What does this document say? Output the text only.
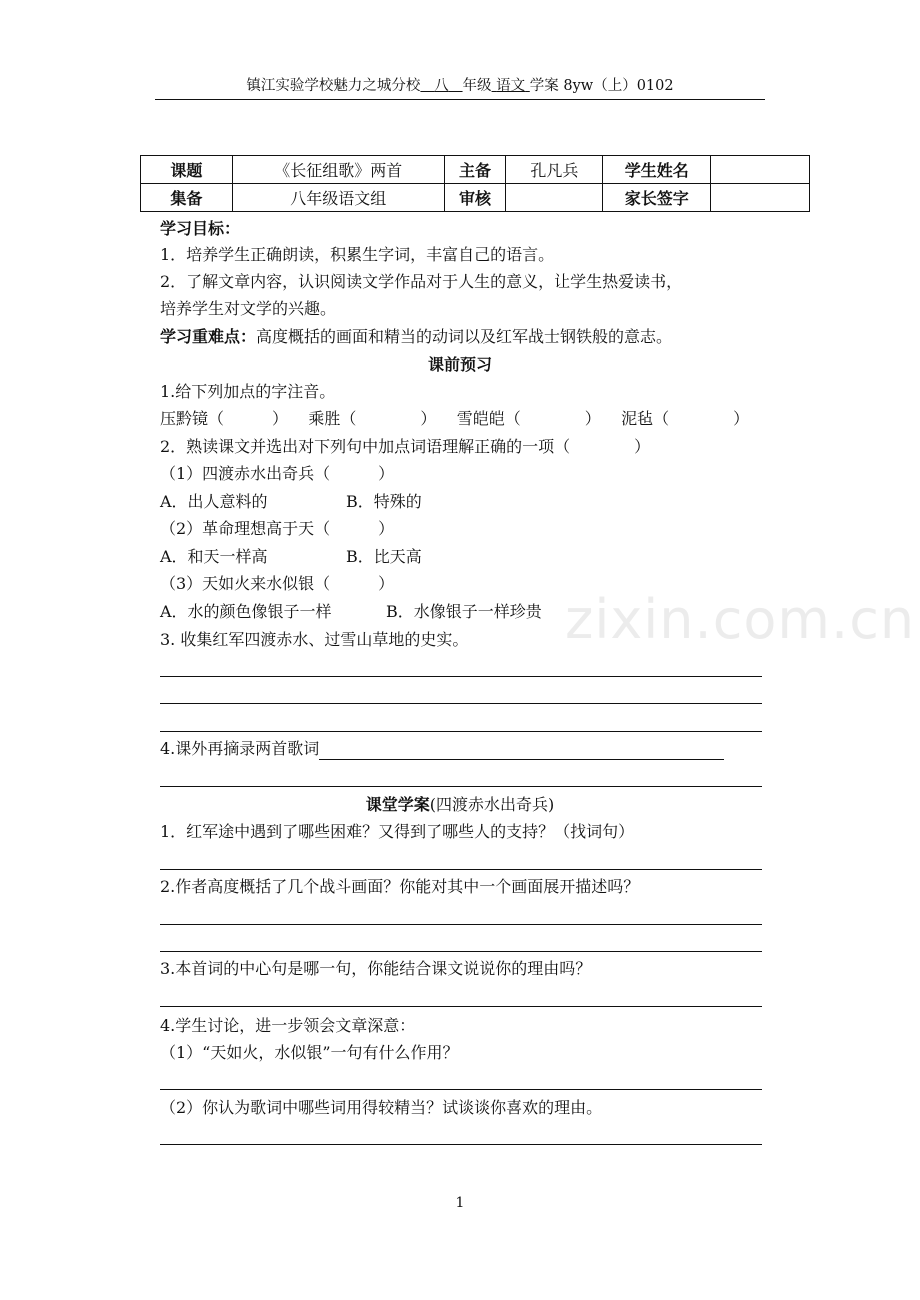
镇江实验学校魅力之城分校 八 年级 语文 学案 8yw（上）0102
课题	《长征组歌》两首	主备	孔凡兵	学生姓名	
集备	八年级语文组	审核		家长签字	
学习目标：
1．培养学生正确朗读，积累生字词，丰富自己的语言。
2．了解文章内容，认识阅读文学作品对于人生的意义，让学生热爱读书，
培养学生对文学的兴趣。
学习重难点：高度概括的画面和精当的动词以及红军战士钢铁般的意志。
课前预习
1.给下列加点的字注音。
压黔镜（　　　） 乘胜（　　　　） 雪皑皑（　　　　） 泥毡（　　　　）
2．熟读课文并选出对下列句中加点词语理解正确的一项（　　　　）
（1）四渡赤水出奇兵（　　　）
A．出人意料的	B．特殊的
（2）革命理想高于天（　　　）
A．和天一样高	B．比天高
（3）天如火来水似银（　　　）
A．水的颜色像银子一样	B．水像银子一样珍贵 zixin.com.cn
3. 收集红军四渡赤水、过雪山草地的史实。
4.课外再摘录两首歌词
课堂学案(四渡赤水出奇兵)
1．红军途中遇到了哪些困难？又得到了哪些人的支持？（找词句）
2.作者高度概括了几个战斗画面？你能对其中一个画面展开描述吗？
3.本首词的中心句是哪一句，你能结合课文说说你的理由吗？
4.学生讨论，进一步领会文章深意：
（1）“天如火，水似银”一句有什么作用？
（2）你认为歌词中哪些词用得较精当？试谈谈你喜欢的理由。
1
